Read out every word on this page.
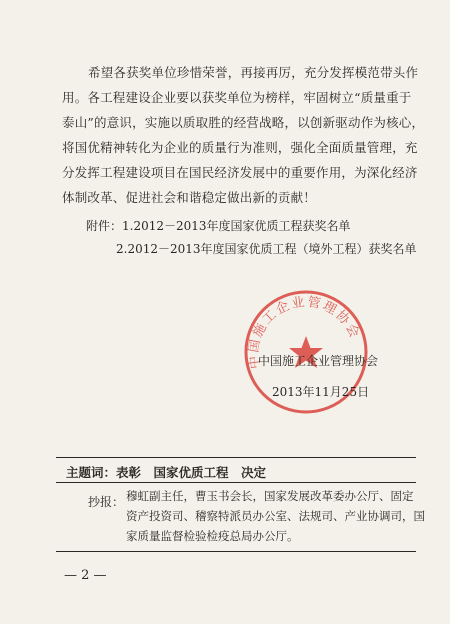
希望各获奖单位珍惜荣誉，再接再厉，充分发挥模范带头作
用。各工程建设企业要以获奖单位为榜样，牢固树立“质量重于
泰山”的意识，实施以质取胜的经营战略，以创新驱动作为核心，
将国优精神转化为企业的质量行为准则，强化全面质量管理，充
分发挥工程建设项目在国民经济发展中的重要作用，为深化经济
体制改革、促进社会和谐稳定做出新的贡献！
附件：1.2012－2013年度国家优质工程获奖名单
2.2012－2013年度国家优质工程（境外工程）获奖名单
中国施工企业管理协会
中国施工企业管理协会
2013年11月25日
主题词：表彰　国家优质工程　决定
抄报： 穆虹副主任，曹玉书会长，国家发展改革委办公厅、固定
资产投资司、稽察特派员办公室、法规司、产业协调司，国
家质量监督检验检疫总局办公厅。
— 2 —
